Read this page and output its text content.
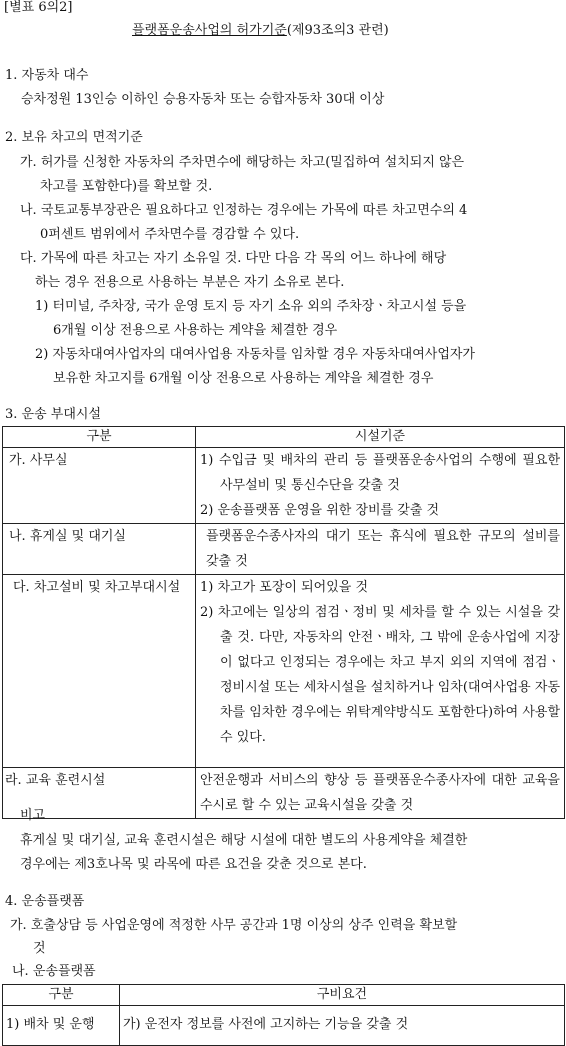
[별표 6의2]
플랫폼운송사업의 허가기준(제93조의3 관련)
1. 자동차 대수
승차정원 13인승 이하인 승용자동차 또는 승합자동차 30대 이상
2. 보유 차고의 면적기준
가. 허가를 신청한 자동차의 주차면수에 해당하는 차고(밀집하여 설치되지 않은
차고를 포함한다)를 확보할 것.
나. 국토교통부장관은 필요하다고 인정하는 경우에는 가목에 따른 차고면수의 4
0퍼센트 범위에서 주차면수를 경감할 수 있다.
다. 가목에 따른 차고는 자기 소유일 것. 다만 다음 각 목의 어느 하나에 해당
하는 경우 전용으로 사용하는 부분은 자기 소유로 본다.
1) 터미널, 주차장, 국가 운영 토지 등 자기 소유 외의 주차장ㆍ차고시설 등을
6개월 이상 전용으로 사용하는 계약을 체결한 경우
2) 자동차대여사업자의 대여사업용 자동차를 임차할 경우 자동차대여사업자가
보유한 차고지를 6개월 이상 전용으로 사용하는 계약을 체결한 경우
3. 운송 부대시설
구분	시설기준
가. 사무실	1) 수입금 및 배차의 관리 등 플랫폼운송사업의 수행에 필요한 사무설비 및 통신수단을 갖출 것
2) 운송플랫폼 운영을 위한 장비를 갖출 것

나. 휴게실 및 대기실	플랫폼운수종사자의 대기 또는 휴식에 필요한 규모의 설비를 갖출 것

다. 차고설비 및 차고부대시설	1) 차고가 포장이 되어있을 것
2) 차고에는 일상의 점검ㆍ정비 및 세차를 할 수 있는 시설을 갖출 것. 다만, 자동차의 안전ㆍ배차, 그 밖에 운송사업에 지장이 없다고 인정되는 경우에는 차고 부지 외의 지역에 점검ㆍ정비시설 또는 세차시설을 설치하거나 임차(대여사업용 자동차를 임차한 경우에는 위탁계약방식도 포함한다)하여 사용할 수 있다.

라. 교육 훈련시설	안전운행과 서비스의 향상 등 플랫폼운수종사자에 대한 교육을 수시로 할 수 있는 교육시설을 갖출 것
비고
휴게실 및 대기실, 교육 훈련시설은 해당 시설에 대한 별도의 사용계약을 체결한
경우에는 제3호나목 및 라목에 따른 요건을 갖춘 것으로 본다.
4. 운송플랫폼
가. 호출상담 등 사업운영에 적정한 사무 공간과 1명 이상의 상주 인력을 확보할
것
나. 운송플랫폼
구분	구비요건
1) 배차 및 운행	가) 운전자 정보를 사전에 고지하는 기능을 갖출 것
